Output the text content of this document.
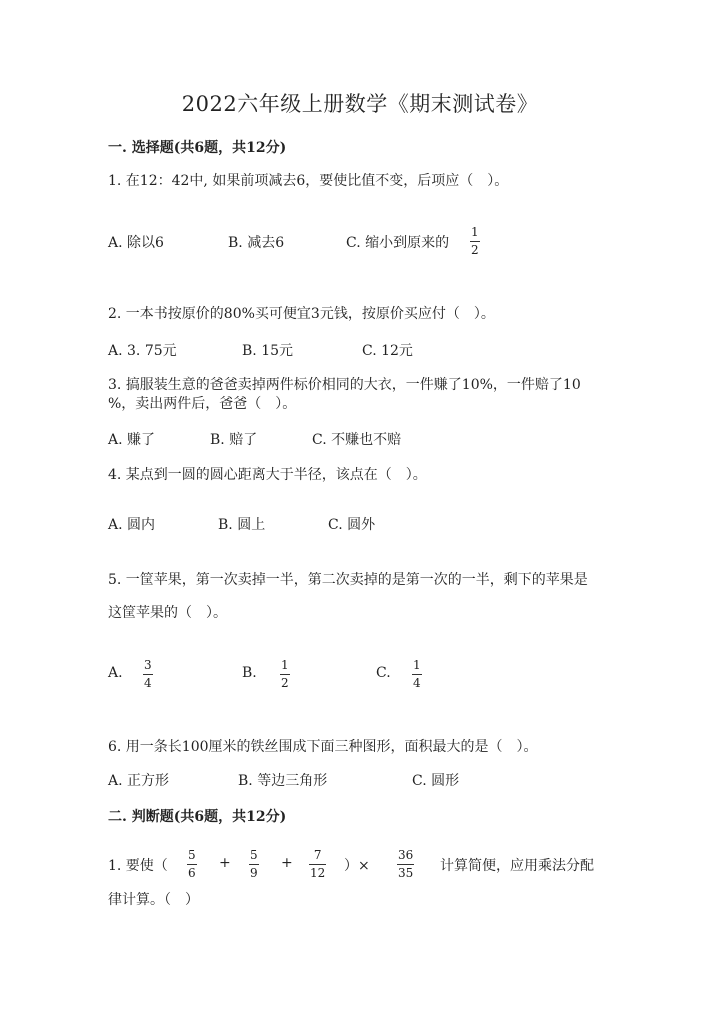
2022六年级上册数学《期末测试卷》
一. 选择题(共6题，共12分)
1. 在12：42中, 如果前项减去6，要使比值不变，后项应（　）。
A. 除以6	B. 减去6	C. 缩小到原来的
1
2
2. 一本书按原价的80%买可便宜3元钱，按原价买应付（　）。
A. 3. 75元	B. 15元	C. 12元
3. 搞服装生意的爸爸卖掉两件标价相同的大衣，一件赚了10%，一件赔了10
%，卖出两件后，爸爸（　）。
A. 赚了	B. 赔了	C. 不赚也不赔
4. 某点到一圆的圆心距离大于半径，该点在（　）。
A. 圆内	B. 圆上	C. 圆外
5. 一筐苹果，第一次卖掉一半，第二次卖掉的是第一次的一半，剩下的苹果是
这筐苹果的（　）。
A. 3
4
B. 1
2
C. 1
4
6. 用一条长100厘米的铁丝围成下面三种图形，面积最大的是（　）。
A. 正方形	B. 等边三角形	C. 圆形
二. 判断题(共6题，共12分)
1. 要使（
5
6
+ 5
9
+	7
12 ）×
36
35 计算简便，应用乘法分配
律计算。（　）
